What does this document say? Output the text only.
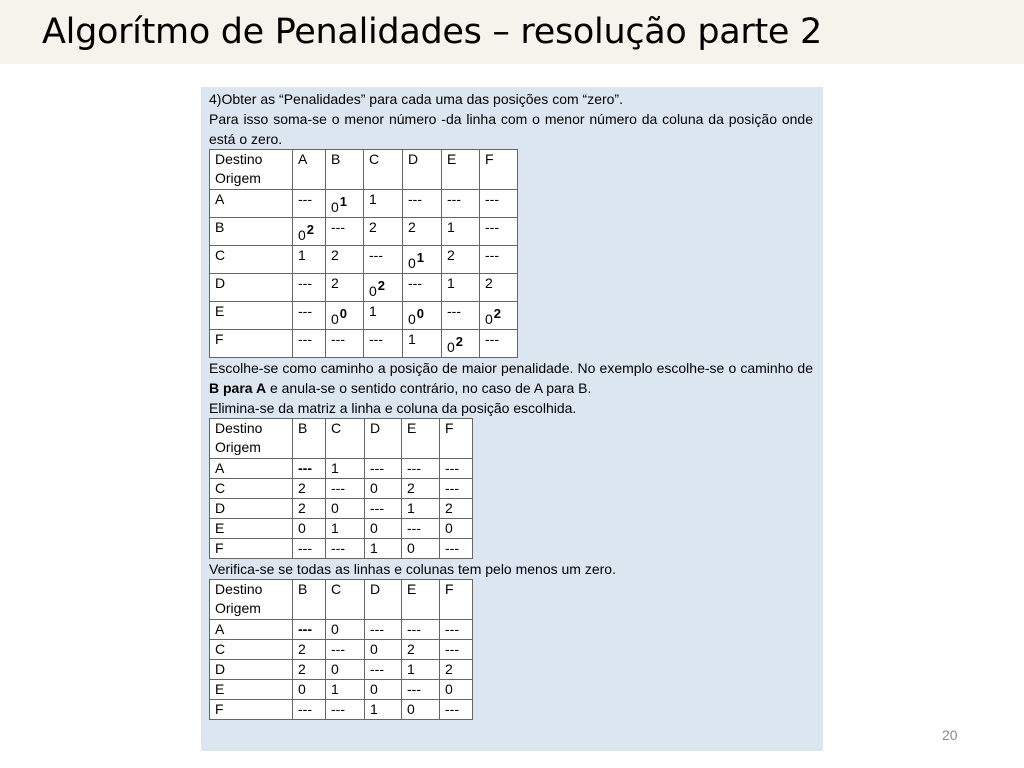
Algorítmo de Penalidades – resolução parte 2

4)Obter as “Penalidades” para cada uma das posições com “zero”.

Para isso soma-se o menor número -da linha com o menor número da coluna da posição onde está o zero.

Destino
Origem	A	B	C	D	E	F
A	---	$0^1$	1	---	---	---
B	$0^2$	---	2	2	1	---
C	1	2	---	$0^1$	2	---
D	---	2	$0^2$	---	1	2
E	---	$0^0$	1	$0^0$	---	$0^2$
F	---	---	---	1	$0^2$	---

Escolhe-se como caminho a posição de maior penalidade. No exemplo escolhe-se o caminho de B para A e anula-se o sentido contrário, no caso de A para B.

Elimina-se da matriz a linha e coluna da posição escolhida.

Destino
Origem	B	C	D	E	F
A	---	1	---	---	---
C	2	---	0	2	---
D	2	0	---	1	2
E	0	1	0	---	0
F	---	---	1	0	---

Verifica-se se todas as linhas e colunas tem pelo menos um zero.

Destino
Origem	B	C	D	E	F
A	---	0	---	---	---
C	2	---	0	2	---
D	2	0	---	1	2
E	0	1	0	---	0
F	---	---	1	0	---
20
